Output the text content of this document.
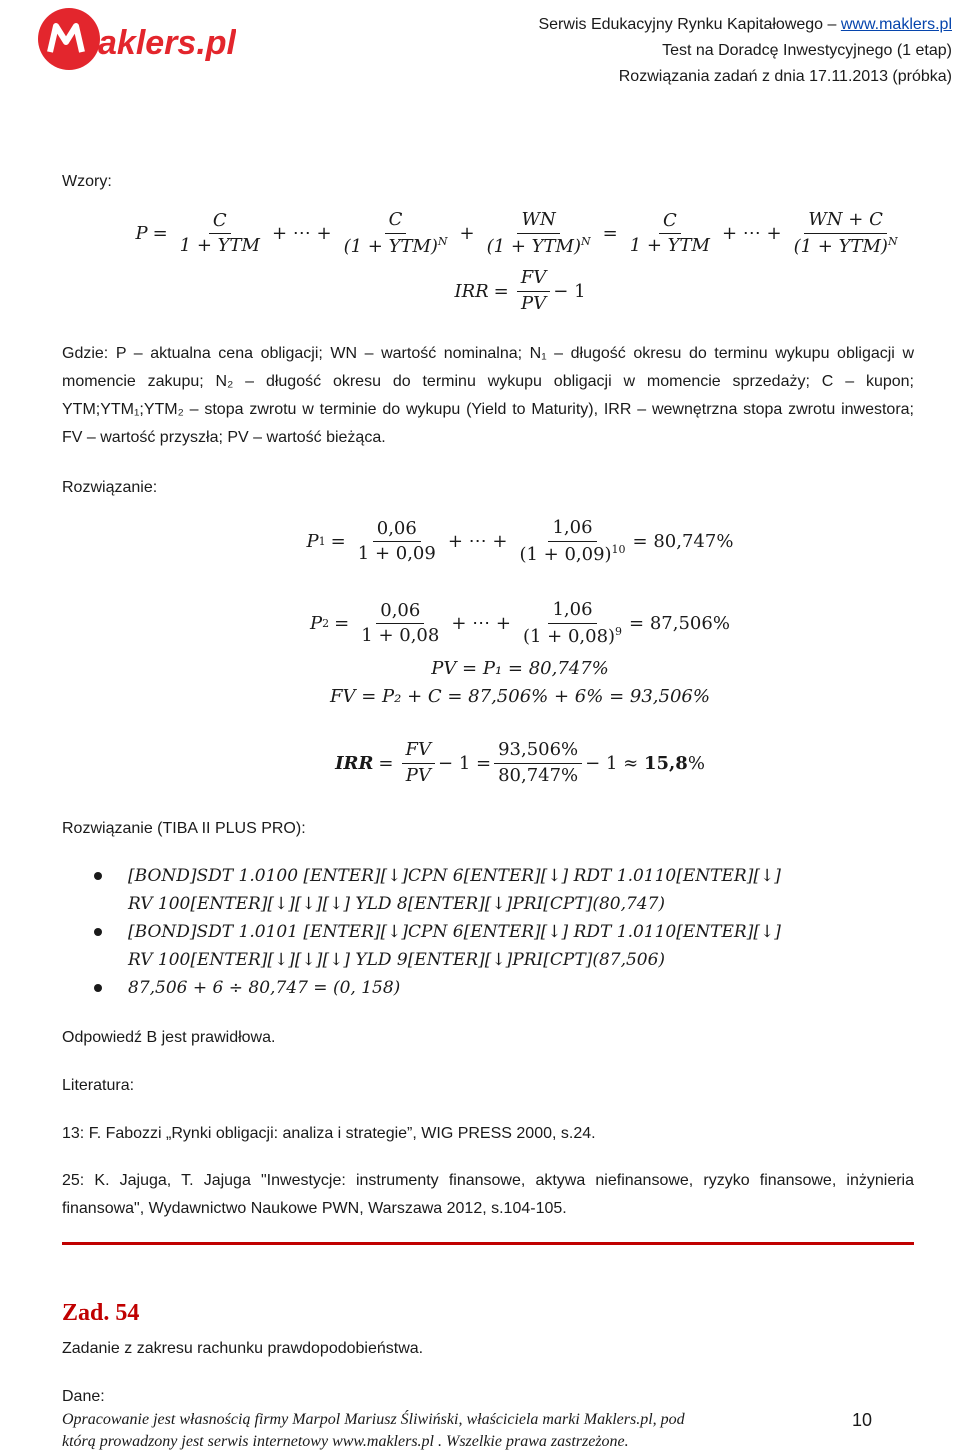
aklers.pl	Serwis Edukacyjny Rynku Kapitałowego – www.maklers.pl
Test na Doradcę Inwestycyjnego (1 etap)
Rozwiązania zadań z dnia 17.11.2013 (próbka)
Wzory:
$P = \frac{C}{\text{1 + YTM}}$ + ⋯ + $\frac{C}{(1 + YTM)^N} + \frac{WN}{(1 + YTM)^N} = \frac{C}{\text{1 + YTM}}$ + ⋯ + $\frac{WN + C}{(1 + YTM)^N}$
IRR = $\frac{FV}{PV} - 1$
Gdzie: P – aktualna cena obligacji; WN – wartość nominalna; N₁ – długość okresu do terminu wykupu obligacji w momencie zakupu; N₂ – długość okresu do terminu wykupu obligacji w momencie sprzedaży; C – kupon; YTM;YTM₁;YTM₂ – stopa zwrotu w terminie do wykupu (Yield to Maturity), IRR – wewnętrzna stopa zwrotu inwestora; FV – wartość przyszła; PV – wartość bieżąca.
Rozwiązanie:
P $1 = \frac{0,06}{1 + 0,09}$ + ⋯ + $\frac{1,06}{(1 + 0,09)^{10}} = 80,747\%$
P $2 = \frac{0,06}{1 + 0,08}$ + ⋯ + $\frac{1,06}{(1 + 0,08)^9} = 87,506\%$
PV = P₁ = 80,747%
FV = P₂ + C = 87,506% + 6% = 93,506%
IRR = $\frac{FV}{PV} - 1 = \frac{93,506\%}{80,747\%} - 1$ ≈
15,8 %
Rozwiązanie (TIBA II PLUS PRO):
[BOND]SDT 1.0100 [ENTER][↓]CPN 6[ENTER][↓] RDT 1.0110[ENTER][↓]
RV 100[ENTER][↓][↓][↓] YLD 8[ENTER][↓]PRI[CPT](80,747)
[BOND]SDT 1.0101 [ENTER][↓]CPN 6[ENTER][↓] RDT 1.0110[ENTER][↓]
RV 100[ENTER][↓][↓][↓] YLD 9[ENTER][↓]PRI[CPT](87,506)
87,506 + 6 ÷ 80,747 = (0, 158)
Odpowiedź B jest prawidłowa.
Literatura:
13: F. Fabozzi „Rynki obligacji: analiza i strategie”, WIG PRESS 2000, s.24.
25: K. Jajuga, T. Jajuga "Inwestycje: instrumenty finansowe, aktywa niefinansowe, ryzyko finansowe, inżynieria finansowa", Wydawnictwo Naukowe PWN, Warszawa 2012, s.104-105.
Zad. 54
Zadanie z zakresu rachunku prawdopodobieństwa.
Dane:
Opracowanie jest własnością firmy Marpol Mariusz Śliwiński, właściciela marki Maklers.pl, pod
którą prowadzony jest serwis internetowy www.maklers.pl . Wszelkie prawa zastrzeżone.
10
